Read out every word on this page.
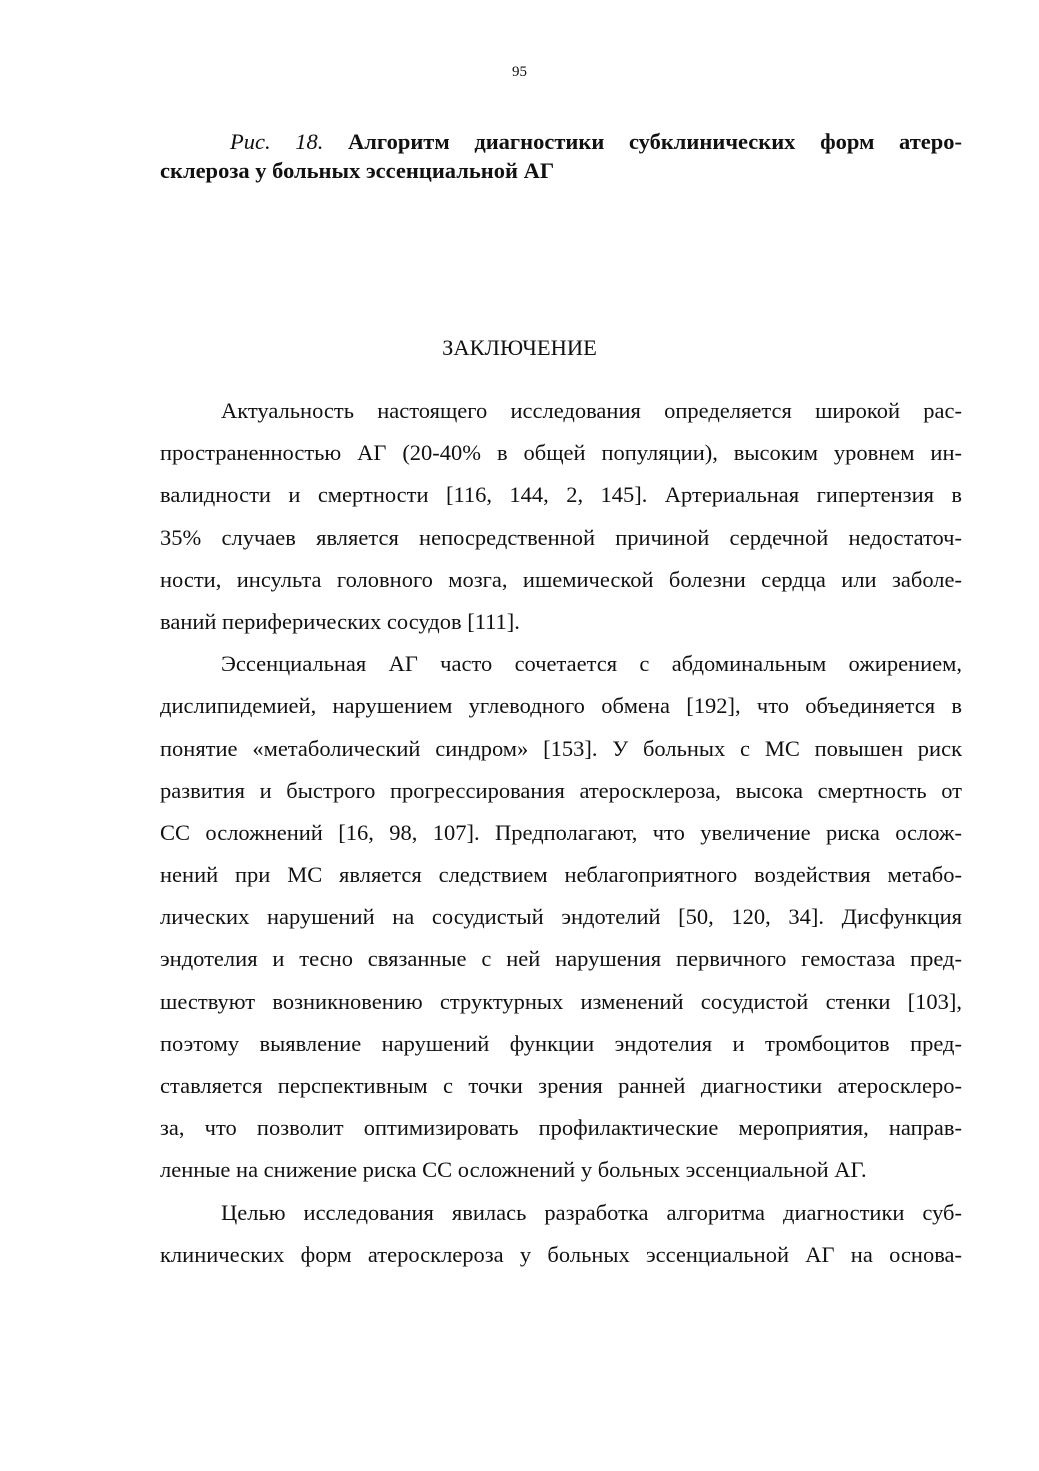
95
Рис. 18. Алгоритм диагностики субклинических форм атеро-
склероза у больных эссенциальной АГ
ЗАКЛЮЧЕНИЕ
Актуальность настоящего исследования определяется широкой рас-
пространенностью АГ (20-40% в общей популяции), высоким уровнем ин-
валидности и смертности [116, 144, 2, 145]. Артериальная гипертензия в
35% случаев является непосредственной причиной сердечной недостаточ-
ности, инсульта головного мозга, ишемической болезни сердца или заболе-
ваний периферических сосудов [111].
Эссенциальная АГ часто сочетается с абдоминальным ожирением,
дислипидемией, нарушением углеводного обмена [192], что объединяется в
понятие «метаболический синдром» [153]. У больных с МС повышен риск
развития и быстрого прогрессирования атеросклероза, высока смертность от
СС осложнений [16, 98, 107]. Предполагают, что увеличение риска ослож-
нений при МС является следствием неблагоприятного воздействия метабо-
лических нарушений на сосудистый эндотелий [50, 120, 34]. Дисфункция
эндотелия и тесно связанные с ней нарушения первичного гемостаза пред-
шествуют возникновению структурных изменений сосудистой стенки [103],
поэтому выявление нарушений функции эндотелия и тромбоцитов пред-
ставляется перспективным с точки зрения ранней диагностики атеросклеро-
за, что позволит оптимизировать профилактические мероприятия, направ-
ленные на снижение риска СС осложнений у больных эссенциальной АГ.
Целью исследования явилась разработка алгоритма диагностики суб-
клинических форм атеросклероза у больных эссенциальной АГ на основа-
